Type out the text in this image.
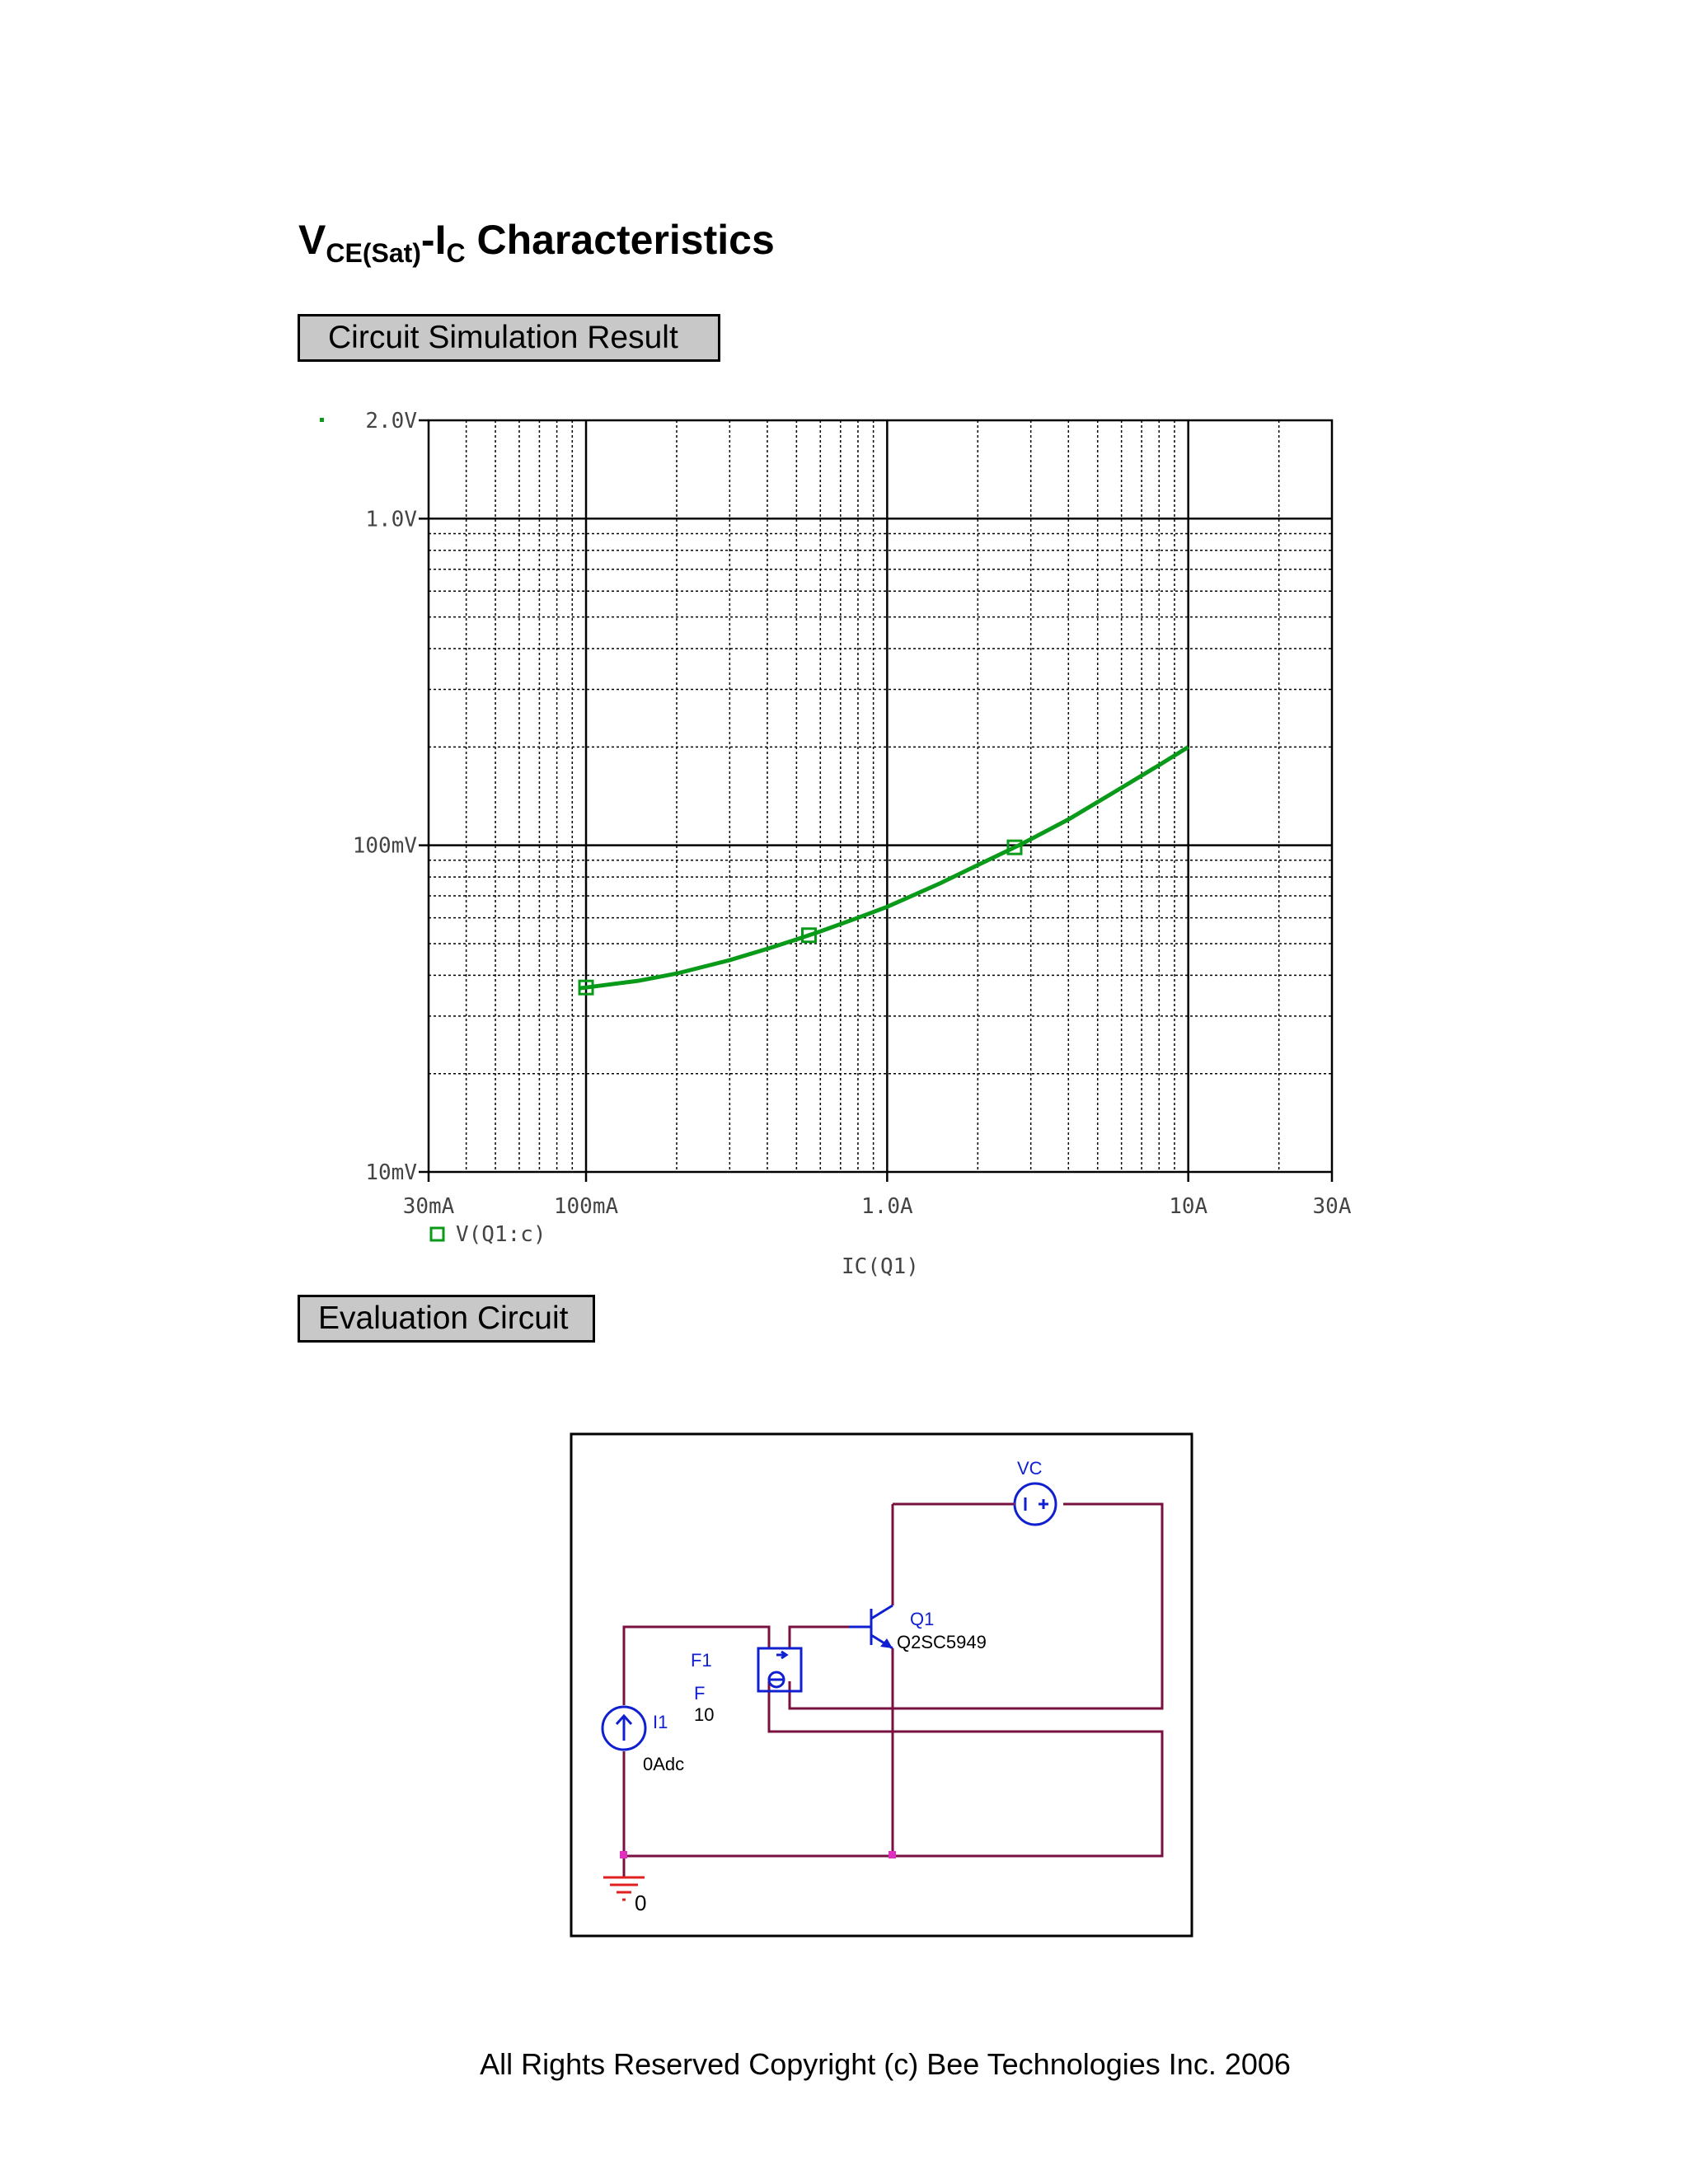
$V_{CE(Sat)}-I_C$ Characteristics
Circuit Simulation Result
10mV
100mV
1.0V
2.0V
30mA	100mA	1.0A	10A	30A
IC(Q1)
V(Q1:c)
Evaluation Circuit
VC
Q1
Q2SC5949
F1
F
10
I1
0Adc
0
All Rights Reserved Copyright (c) Bee Technologies Inc. 2006
